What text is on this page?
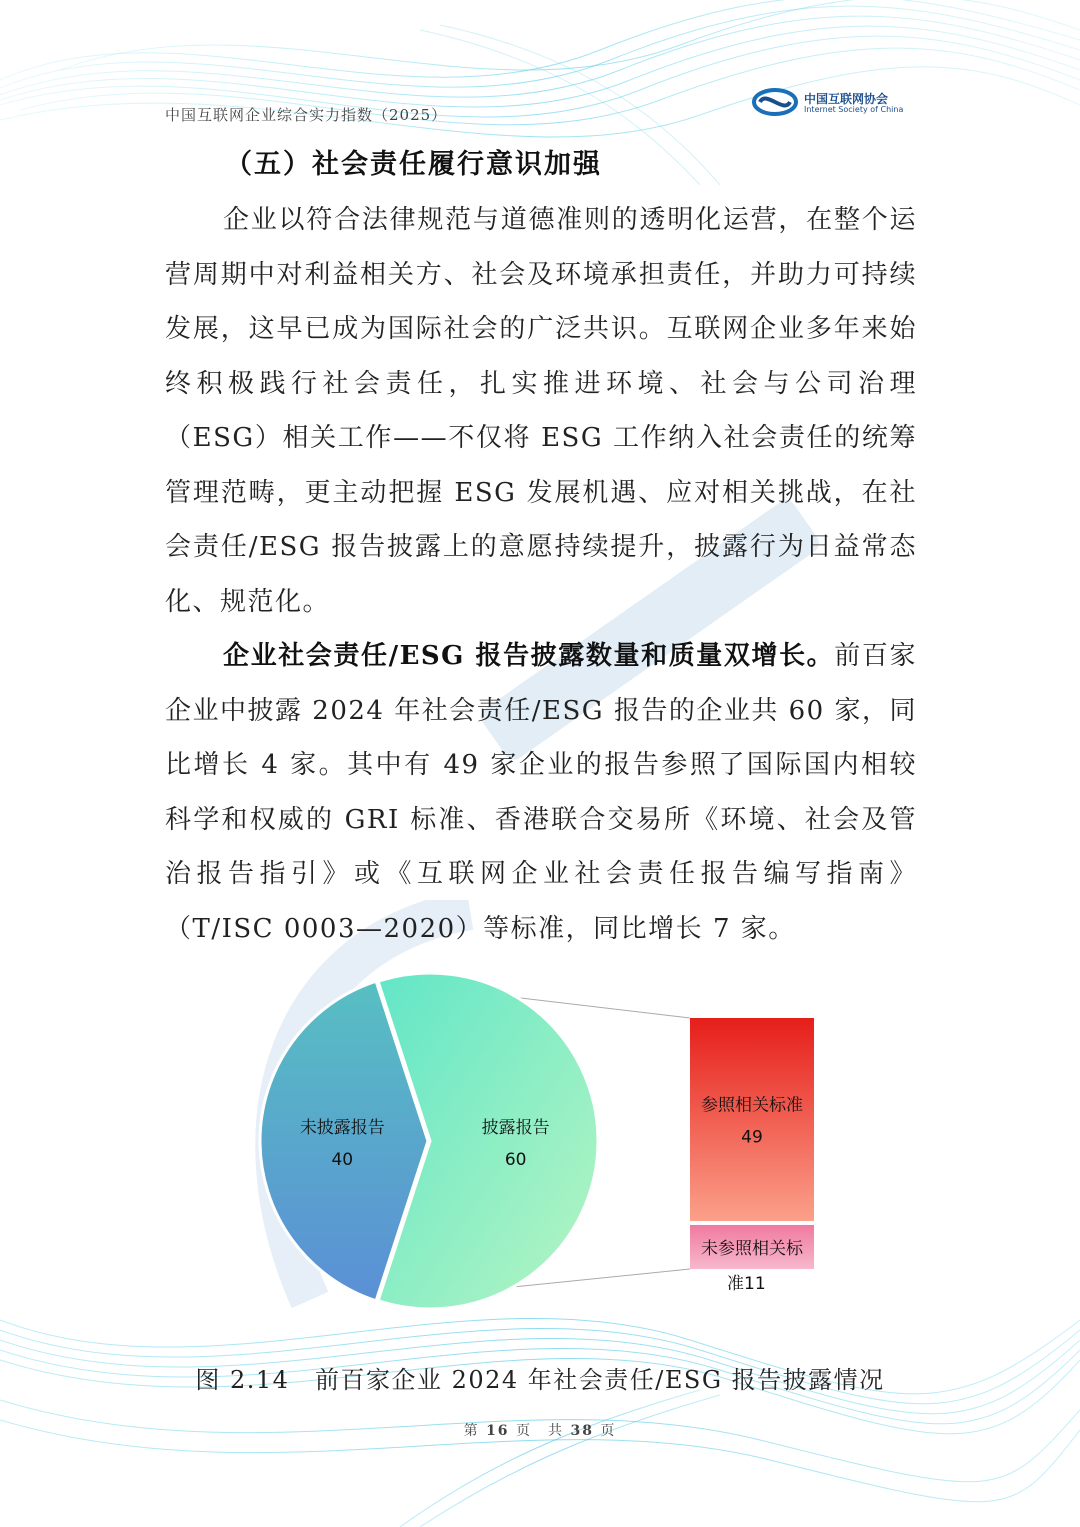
中国互联网企业综合实力指数（2025）
中国互联网协会
Internet Society of China
（五）社会责任履行意识加强

企业以符合法律规范与道德准则的透明化运营，在整个运营周期中对利益相关方、社会及环境承担责任，并助力可持续发展，这早已成为国际社会的广泛共识。互联网企业多年来始终积极践行社会责任，扎实推进环境、社会与公司治理（ESG）相关工作——不仅将 ESG 工作纳入社会责任的统筹管理范畴，更主动把握 ESG 发展机遇、应对相关挑战，在社会责任/ESG 报告披露上的意愿持续提升，披露行为日益常态化、规范化。

企业社会责任/ESG 报告披露数量和质量双增长。前百家企业中披露 2024 年社会责任/ESG 报告的企业共 60 家，同比增长 4 家。其中有 49 家企业的报告参照了国际国内相较科学和权威的 GRI 标准、香港联合交易所《环境、社会及管治报告指引》或《互联网企业社会责任报告编写指南》（T/ISC 0003—2020）等标准，同比增长 7 家。

未披露报告
40
披露报告
60
参照相关标准
49
未参照相关标
准11

图 2.14　前百家企业 2024 年社会责任/ESG 报告披露情况

第 16 页　共 38 页
